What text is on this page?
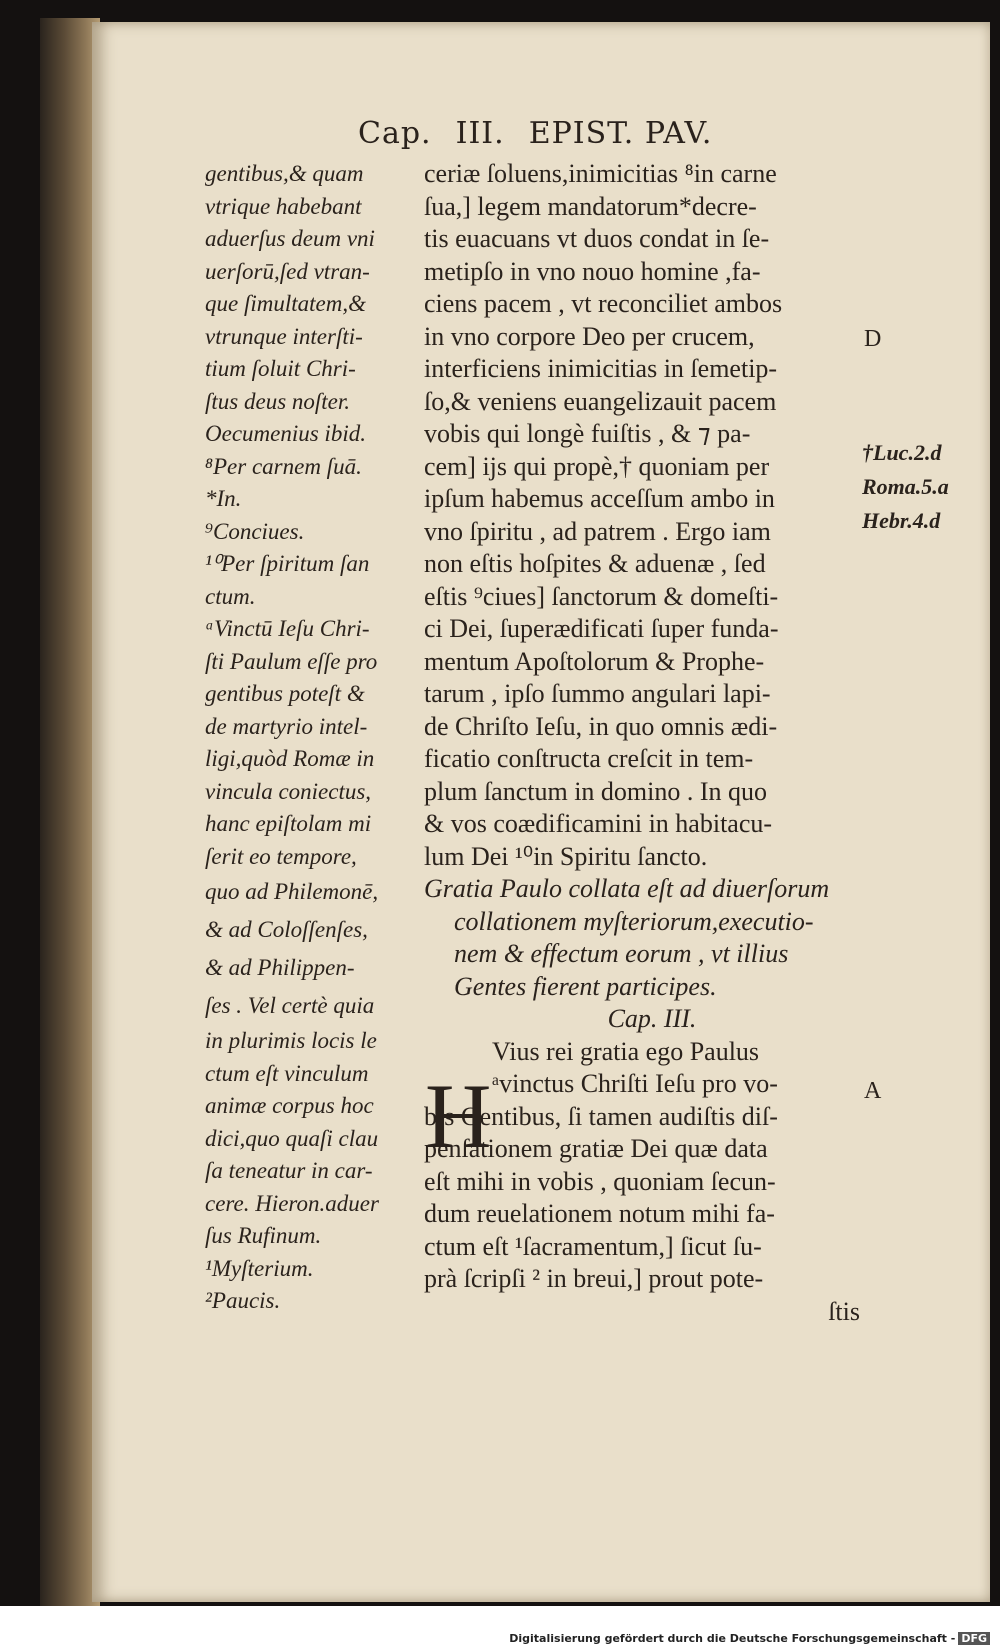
Cap. III. EPIST. PAV.
gentibus,& quam
vtrique habebant
aduerſus deum vni
uerſorū,ſed vtran-
que ſimultatem,&
vtrunque interſti-
tium ſoluit Chri-
ſtus deus noſter.
Oecumenius ibid.
⁸Per carnem ſuā.
*In.
⁹Conciues.
¹⁰Per ſpiritum ſan
ctum.
ᵃVinctū Ieſu Chri-
ſti Paulum eſſe pro
gentibus poteſt &
de martyrio intel-
ligi,quòd Romæ in
vincula coniectus,
hanc epiſtolam mi
ſerit eo tempore,
quo ad Philemonē,
& ad Coloſſenſes,
& ad Philippen-
ſes . Vel certè quia
in plurimis locis le
ctum eſt vinculum
animæ corpus hoc
dici,quo quaſi clau
ſa teneatur in car-
cere. Hieron.aduer
ſus Rufinum.
¹Myſterium.
²Paucis.
ceriæ ſoluens,inimicitias ⁸in carne
ſua,] legem mandatorum*decre-
tis euacuans vt duos condat in ſe-
metipſo in vno nouo homine ,fa-
ciens pacem , vt reconciliet ambos
in vno corpore Deo per crucem,
interficiens inimicitias in ſemetip-
ſo,& veniens euangelizauit pacem
vobis qui longè fuiſtis , & ⁊ pa-
cem] ijs qui propè,† quoniam per
ipſum habemus acceſſum ambo in
vno ſpiritu , ad patrem . Ergo iam
non eſtis hoſpites & aduenæ , ſed
eſtis ⁹ciues] ſanctorum & domeſti-
ci Dei, ſuperædificati ſuper funda-
mentum Apoſtolorum & Prophe-
tarum , ipſo ſummo angulari lapi-
de Chriſto Ieſu, in quo omnis ædi-
ficatio conſtructa creſcit in tem-
plum ſanctum in domino . In quo
& vos coædificamini in habitacu-
lum Dei ¹⁰in Spiritu ſancto.
Gratia Paulo collata eſt ad diuerſorum
collationem myſteriorum,executio-
nem & effectum eorum , vt illius
Gentes fierent participes.
Cap. III.
Vius rei gratia ego Paulus
ᵃvinctus Chriſti Ieſu pro vo-
bis Gentibus, ſi tamen audiſtis diſ-
penſationem gratiæ Dei quæ data
eſt mihi in vobis , quoniam ſecun-
dum reuelationem notum mihi fa-
ctum eſt ¹ſacramentum,] ſicut ſu-
prà ſcripſi ² in breui,] prout pote-
ſtis
H
†Luc.2.d
Roma.5.a
Hebr.4.d
D
A
Digitalisierung gefördert durch die Deutsche Forschungsgemeinschaft - DFG
